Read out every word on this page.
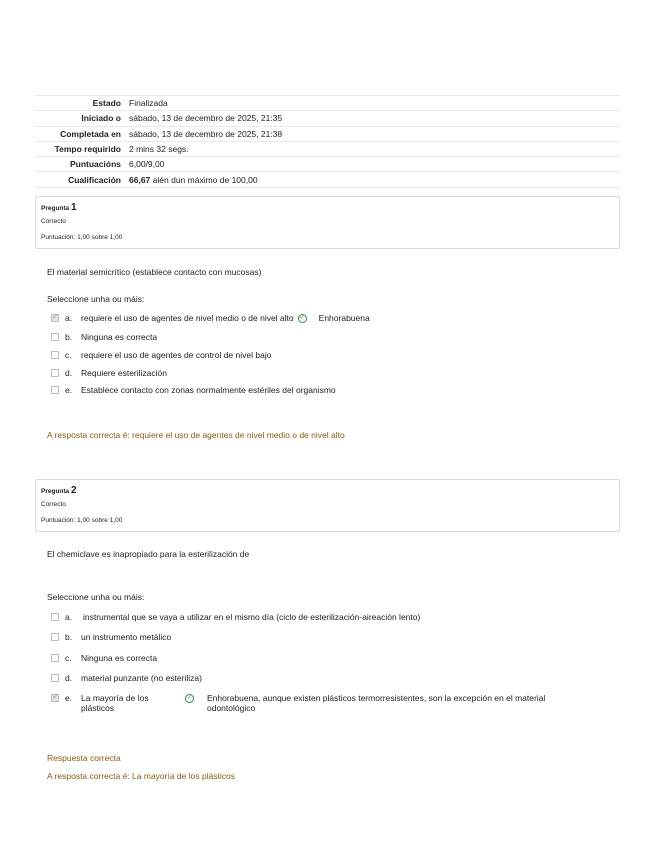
Estado	Finalizada
Iniciado o	sábado, 13 de decembro de 2025, 21:35
Completada en	sábado, 13 de decembro de 2025, 21:38
Tempo requirido	2 mins 32 segs.
Puntuacións	6,00/9,00
Cualificación	66,67 alén dun máximo de 100,00
Pregunta 1
Correcto
Puntuación: 1,00 sobre 1,00
El material semicrítico (establece contacto con mucosas)
Seleccione unha ou máis:
✓
a. requiere el uso de agentes de nivel medio o de nivel alto ✓ Enhorabuena
b. Ninguna es correcta
c. requiere el uso de agentes de control de nivel bajo
d. Requiere esterilización
e. Establece contacto con zonas normalmente estériles del organismo
A resposta correcta é: requiere el uso de agentes de nivel medio o de nivel alto
Pregunta 2
Correcto
Puntuación: 1,00 sobre 1,00
El chemiclave es inapropiado para la esterilización de
Seleccione unha ou máis:
a. instrumental que se vaya a utilizar en el mismo día (ciclo de esterilización-aireación lento)
b. un instrumento metálico
c. Ninguna es correcta
d. material punzante (no esteriliza)
✓
e. La mayoría de los
plásticos
✓ Enhorabuena, aunque existen plásticos termorresistentes, son la excepción en el material
odontológico
Respuesta correcta
A resposta correcta é: La mayoría de los plásticos
